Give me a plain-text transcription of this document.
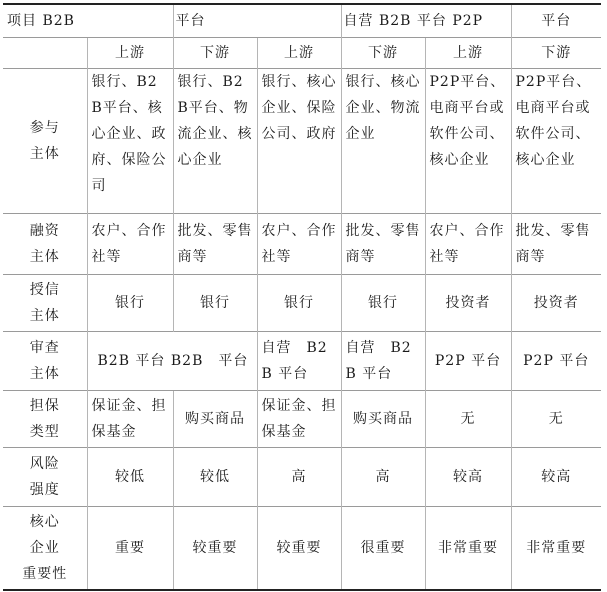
项目 B2B		平台		自营 B2B 平台 P2P		平台
	上游	下游	上游	下游	上游	下游
参与
主体	银行、B2B平台、核心企业、政府、保险公司	银行、B2B平台、物流企业、核心企业	银行、核心企业、保险公司、政府	银行、核心企业、物流企业	P2P平台、电商平台或软件公司、核心企业	P2P平台、电商平台或软件公司、核心企业
融资
主体	农户、合作社等	批发、零售商等	农户、合作社等	批发、零售商等	农户、合作社等	批发、零售商等
授信
主体	银行	银行	银行	银行	投资者	投资者
审查
主体	B2B 平台 B2B　平台		自营　B2B 平台	自营　B2B 平台	P2P 平台	P2P 平台
担保
类型	保证金、担保基金	购买商品	保证金、担保基金	购买商品	无	无
风险
强度	较低	较低	高	高	较高	较高
核心
企业
重要性	重要	较重要	较重要	很重要	非常重要	非常重要
